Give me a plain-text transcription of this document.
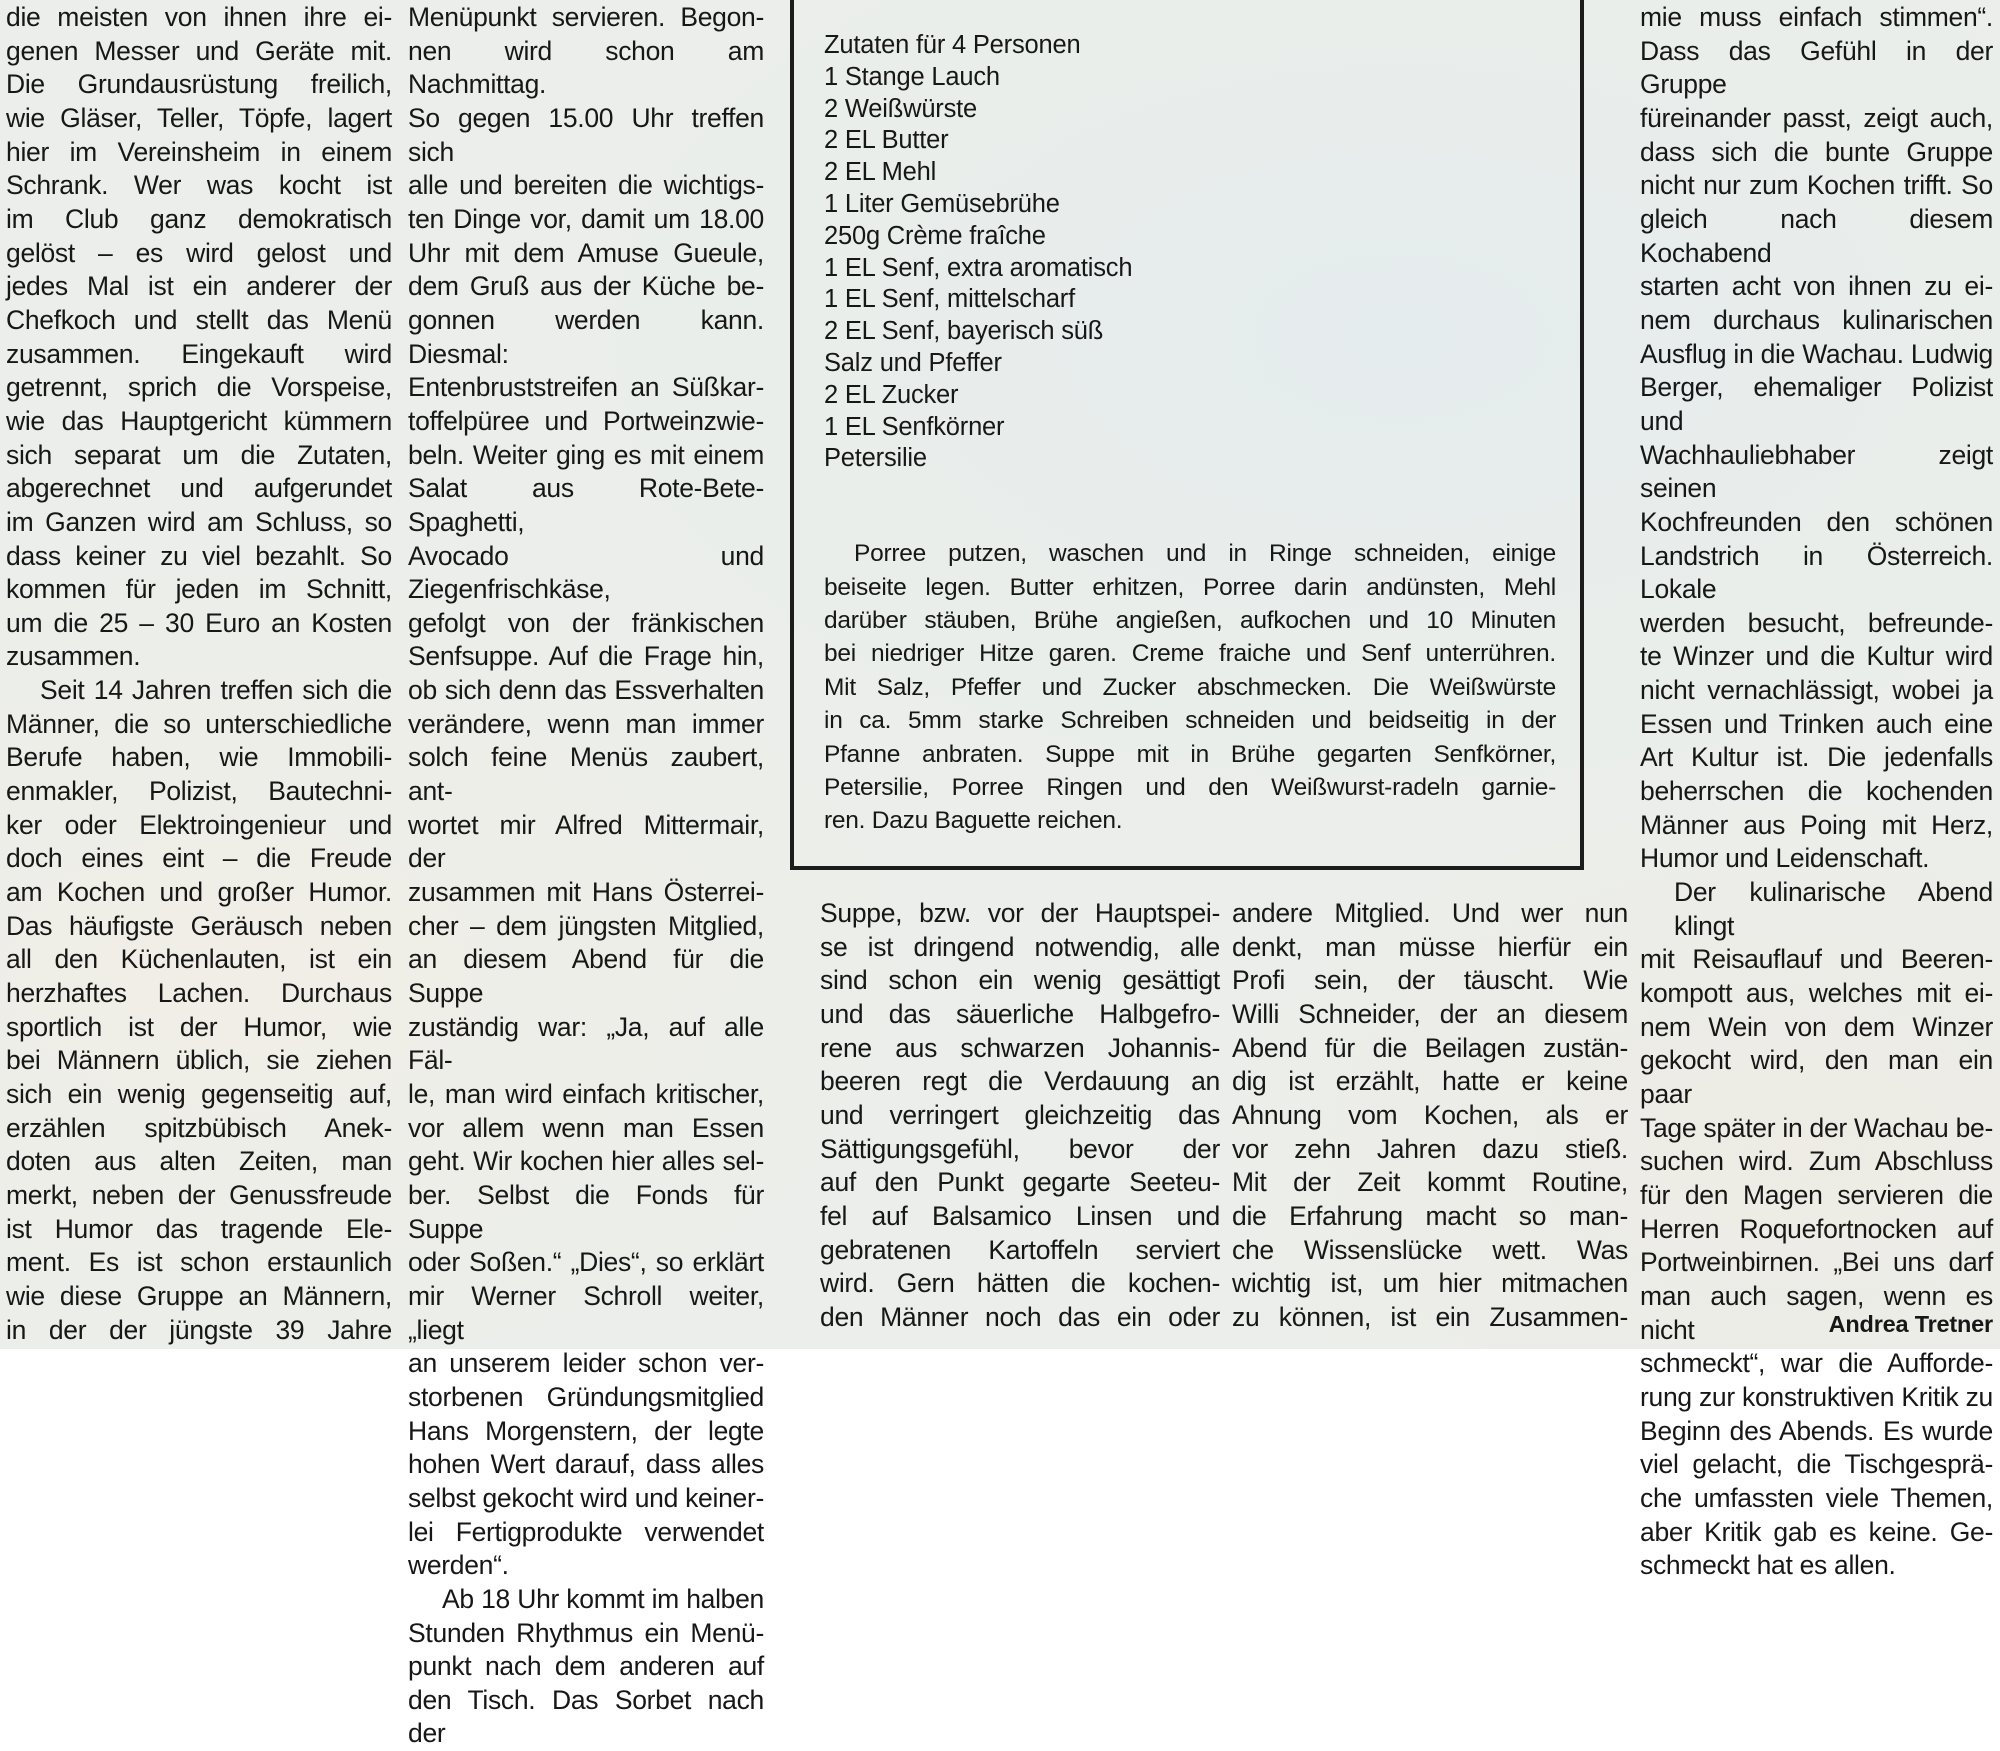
die meisten von ihnen ihre ei-
genen Messer und Geräte mit.
Die Grundausrüstung freilich,
wie Gläser, Teller, Töpfe, lagert
hier im Vereinsheim in einem
Schrank. Wer was kocht ist
im Club ganz demokratisch
gelöst – es wird gelost und
jedes Mal ist ein anderer der
Chefkoch und stellt das Menü
zusammen. Eingekauft wird
getrennt, sprich die Vorspeise,
wie das Hauptgericht kümmern
sich separat um die Zutaten,
abgerechnet und aufgerundet
im Ganzen wird am Schluss, so
dass keiner zu viel bezahlt. So
kommen für jeden im Schnitt,
um die 25 – 30 Euro an Kosten
zusammen.
Seit 14 Jahren treffen sich die
Männer, die so unterschiedliche
Berufe haben, wie Immobili-
enmakler, Polizist, Bautechni-
ker oder Elektroingenieur und
doch eines eint – die Freude
am Kochen und großer Humor.
Das häufigste Geräusch neben
all den Küchenlauten, ist ein
herzhaftes Lachen. Durchaus
sportlich ist der Humor, wie
bei Männern üblich, sie ziehen
sich ein wenig gegenseitig auf,
erzählen spitzbübisch Anek-
doten aus alten Zeiten, man
merkt, neben der Genussfreude
ist Humor das tragende Ele-
ment. Es ist schon erstaunlich
wie diese Gruppe an Männern,
in der der jüngste 39 Jahre
Menüpunkt servieren. Begon-
nen wird schon am Nachmittag.
So gegen 15.00 Uhr treffen sich
alle und bereiten die wichtigs-
ten Dinge vor, damit um 18.00
Uhr mit dem Amuse Gueule,
dem Gruß aus der Küche be-
gonnen werden kann. Diesmal:
Entenbruststreifen an Süßkar-
toffelpüree und Portweinzwie-
beln. Weiter ging es mit einem
Salat aus Rote-Bete-Spaghetti,
Avocado und Ziegenfrischkäse,
gefolgt von der fränkischen
Senfsuppe. Auf die Frage hin,
ob sich denn das Essverhalten
verändere, wenn man immer
solch feine Menüs zaubert, ant-
wortet mir Alfred Mittermair, der
zusammen mit Hans Österrei-
cher – dem jüngsten Mitglied,
an diesem Abend für die Suppe
zuständig war: „Ja, auf alle Fäl-
le, man wird einfach kritischer,
vor allem wenn man Essen
geht. Wir kochen hier alles sel-
ber. Selbst die Fonds für Suppe
oder Soßen.“ „Dies“, so erklärt
mir Werner Schroll weiter, „liegt
an unserem leider schon ver-
storbenen Gründungsmitglied
Hans Morgenstern, der legte
hohen Wert darauf, dass alles
selbst gekocht wird und keiner-
lei Fertigprodukte verwendet
werden“.
Ab 18 Uhr kommt im halben
Stunden Rhythmus ein Menü-
punkt nach dem anderen auf
den Tisch. Das Sorbet nach der
Zutaten für 4 Personen
1 Stange Lauch
2 Weißwürste
2 EL Butter
2 EL Mehl
1 Liter Gemüsebrühe
250g Crème fraîche
1 EL Senf, extra aromatisch
1 EL Senf, mittelscharf
2 EL Senf, bayerisch süß
Salz und Pfeffer
2 EL Zucker
1 EL Senfkörner
Petersilie
Porree putzen, waschen und in Ringe schneiden, einige
beiseite legen. Butter erhitzen, Porree darin andünsten, Mehl
darüber stäuben, Brühe angießen, aufkochen und 10 Minuten
bei niedriger Hitze garen. Creme fraiche und Senf unterrühren.
Mit Salz, Pfeffer und Zucker abschmecken. Die Weißwürste
in ca. 5mm starke Schreiben schneiden und beidseitig in der
Pfanne anbraten. Suppe mit in Brühe gegarten Senfkörner,
Petersilie, Porree Ringen und den Weißwurst-radeln garnie-
ren. Dazu Baguette reichen.
Suppe, bzw. vor der Hauptspei-
se ist dringend notwendig, alle
sind schon ein wenig gesättigt
und das säuerliche Halbgefro-
rene aus schwarzen Johannis-
beeren regt die Verdauung an
und verringert gleichzeitig das
Sättigungsgefühl, bevor der
auf den Punkt gegarte Seeteu-
fel auf Balsamico Linsen und
gebratenen Kartoffeln serviert
wird. Gern hätten die kochen-
den Männer noch das ein oder
andere Mitglied. Und wer nun
denkt, man müsse hierfür ein
Profi sein, der täuscht. Wie
Willi Schneider, der an diesem
Abend für die Beilagen zustän-
dig ist erzählt, hatte er keine
Ahnung vom Kochen, als er
vor zehn Jahren dazu stieß.
Mit der Zeit kommt Routine,
die Erfahrung macht so man-
che Wissenslücke wett. Was
wichtig ist, um hier mitmachen
zu können, ist ein Zusammen-
mie muss einfach stimmen“.
Dass das Gefühl in der Gruppe
füreinander passt, zeigt auch,
dass sich die bunte Gruppe
nicht nur zum Kochen trifft. So
gleich nach diesem Kochabend
starten acht von ihnen zu ei-
nem durchaus kulinarischen
Ausflug in die Wachau. Ludwig
Berger, ehemaliger Polizist und
Wachhauliebhaber zeigt seinen
Kochfreunden den schönen
Landstrich in Österreich. Lokale
werden besucht, befreunde-
te Winzer und die Kultur wird
nicht vernachlässigt, wobei ja
Essen und Trinken auch eine
Art Kultur ist. Die jedenfalls
beherrschen die kochenden
Männer aus Poing mit Herz,
Humor und Leidenschaft.
Der kulinarische Abend klingt
mit Reisauflauf und Beeren-
kompott aus, welches mit ei-
nem Wein von dem Winzer
gekocht wird, den man ein paar
Tage später in der Wachau be-
suchen wird. Zum Abschluss
für den Magen servieren die
Herren Roquefortnocken auf
Portweinbirnen. „Bei uns darf
man auch sagen, wenn es nicht
schmeckt“, war die Aufforde-
rung zur konstruktiven Kritik zu
Beginn des Abends. Es wurde
viel gelacht, die Tischgesprä-
che umfassten viele Themen,
aber Kritik gab es keine. Ge-
schmeckt hat es allen.
Andrea Tretner
